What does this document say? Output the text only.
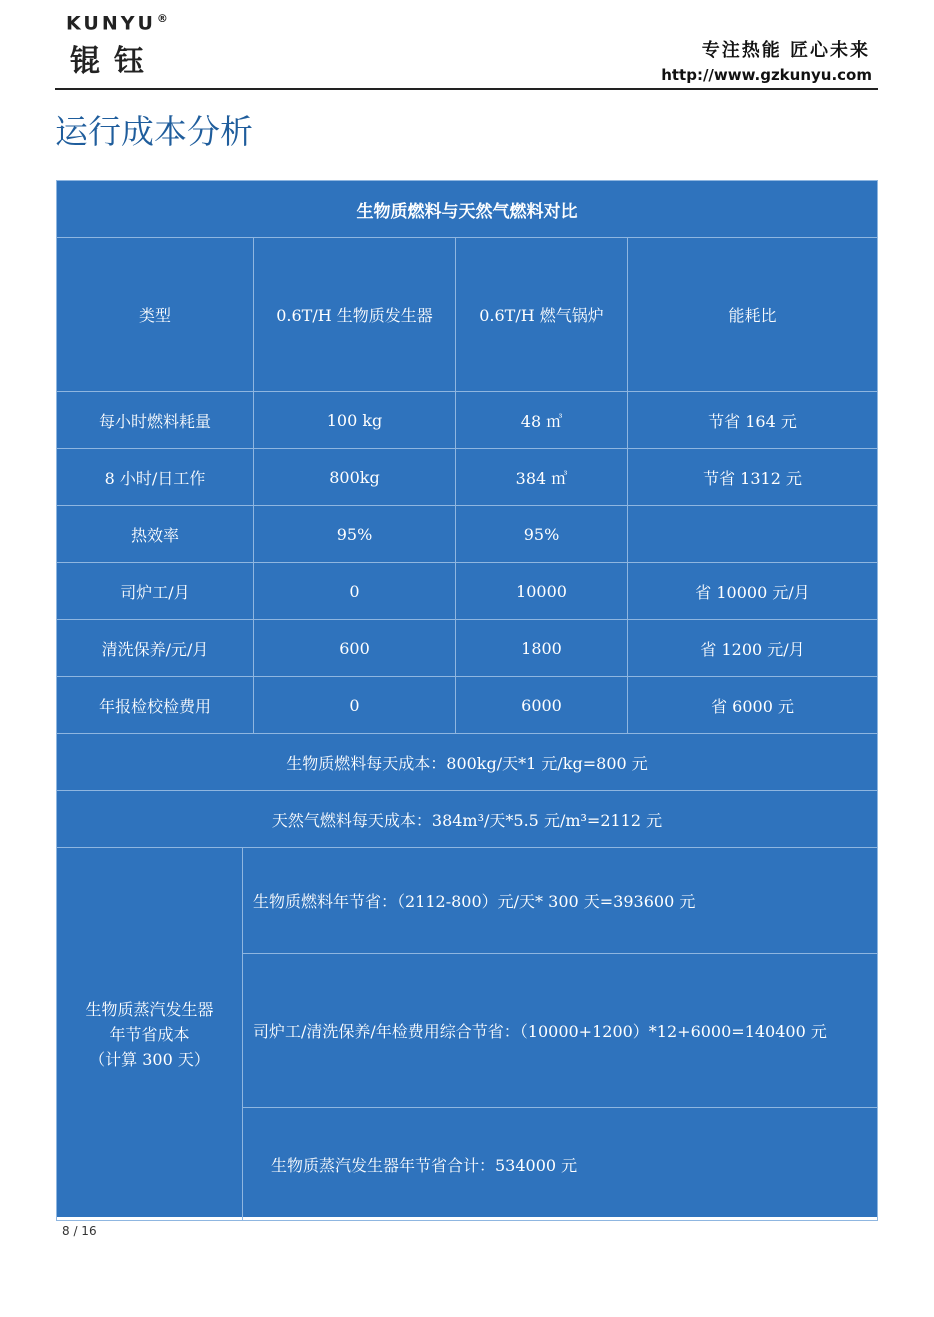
KUNYU®
锟钰	专注热能 匠心未来
http://www.gzkunyu.com
运行成本分析
生物质燃料与天然气燃料对比				
类型		0.6T/H 生物质发生器	0.6T/H 燃气锅炉	能耗比
每小时燃料耗量		100 kg	48 ㎥	节省 164 元
8 小时/日工作		800kg	384 ㎥	节省 1312 元
热效率		95%	95%	
司炉工/月		0	10000	省 10000 元/月
清洗保养/元/月		600	1800	省 1200 元/月
年报检校检费用		0	6000	省 6000 元
生物质燃料每天成本：800kg/天*1 元/kg=800 元				
天然气燃料每天成本：384m³/天*5.5 元/m³=2112 元				

生物质蒸汽发生器
年节省成本
（计算 300 天）	生物质燃料年节省：（2112-800）元/天* 300 天=393600 元			
	司炉工/清洗保养/年检费用综合节省：（10000+1200）*12+6000=140400 元			
	生物质蒸汽发生器年节省合计：534000 元			
8 / 16
